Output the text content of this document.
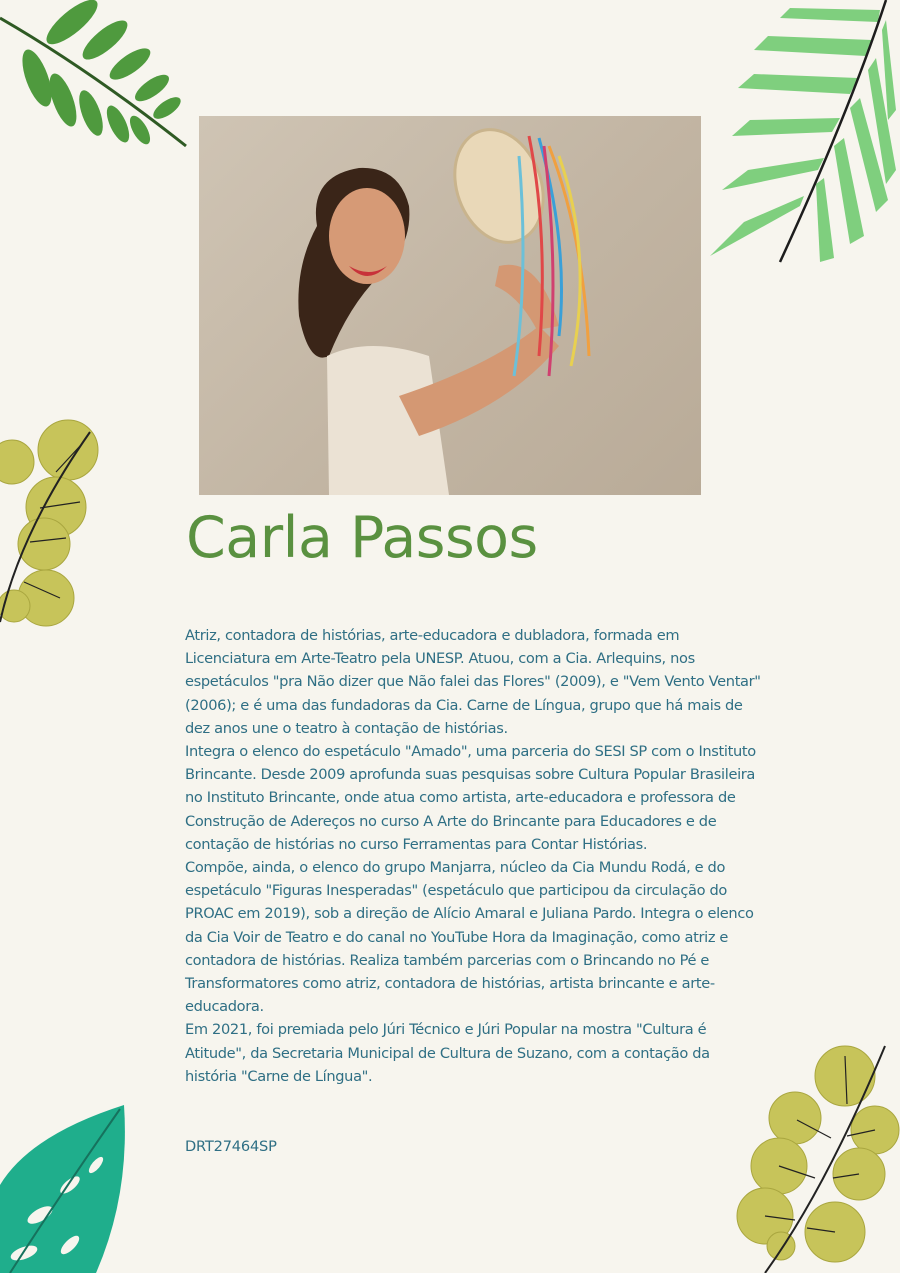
Carla Passos

Atriz, contadora de histórias, arte-educadora e dubladora, formada em Licenciatura em Arte-Teatro pela UNESP. Atuou, com a Cia. Arlequins, nos espetáculos "pra Não dizer que Não falei das Flores" (2009), e "Vem Vento Ventar" (2006); e é uma das fundadoras da Cia. Carne de Língua, grupo que há mais de dez anos une o teatro à contação de histórias.

Integra o elenco do espetáculo "Amado", uma parceria do SESI SP com o Instituto Brincante. Desde 2009 aprofunda suas pesquisas sobre Cultura Popular Brasileira no Instituto Brincante, onde atua como artista, arte-educadora e professora de Construção de Adereços no curso A Arte do Brincante para Educadores e de contação de histórias no curso Ferramentas para Contar Histórias.

Compõe, ainda, o elenco do grupo Manjarra, núcleo da Cia Mundu Rodá, e do espetáculo "Figuras Inesperadas" (espetáculo que participou da circulação do PROAC em 2019), sob a direção de Alício Amaral e Juliana Pardo. Integra o elenco da Cia Voir de Teatro e do canal no YouTube Hora da Imaginação, como atriz e contadora de histórias. Realiza também parcerias com o Brincando no Pé e Transformatores como atriz, contadora de histórias, artista brincante e arte-educadora.

Em 2021, foi premiada pelo Júri Técnico e Júri Popular na mostra "Cultura é Atitude", da Secretaria Municipal de Cultura de Suzano, com a contação da história "Carne de Língua".

DRT27464SP
